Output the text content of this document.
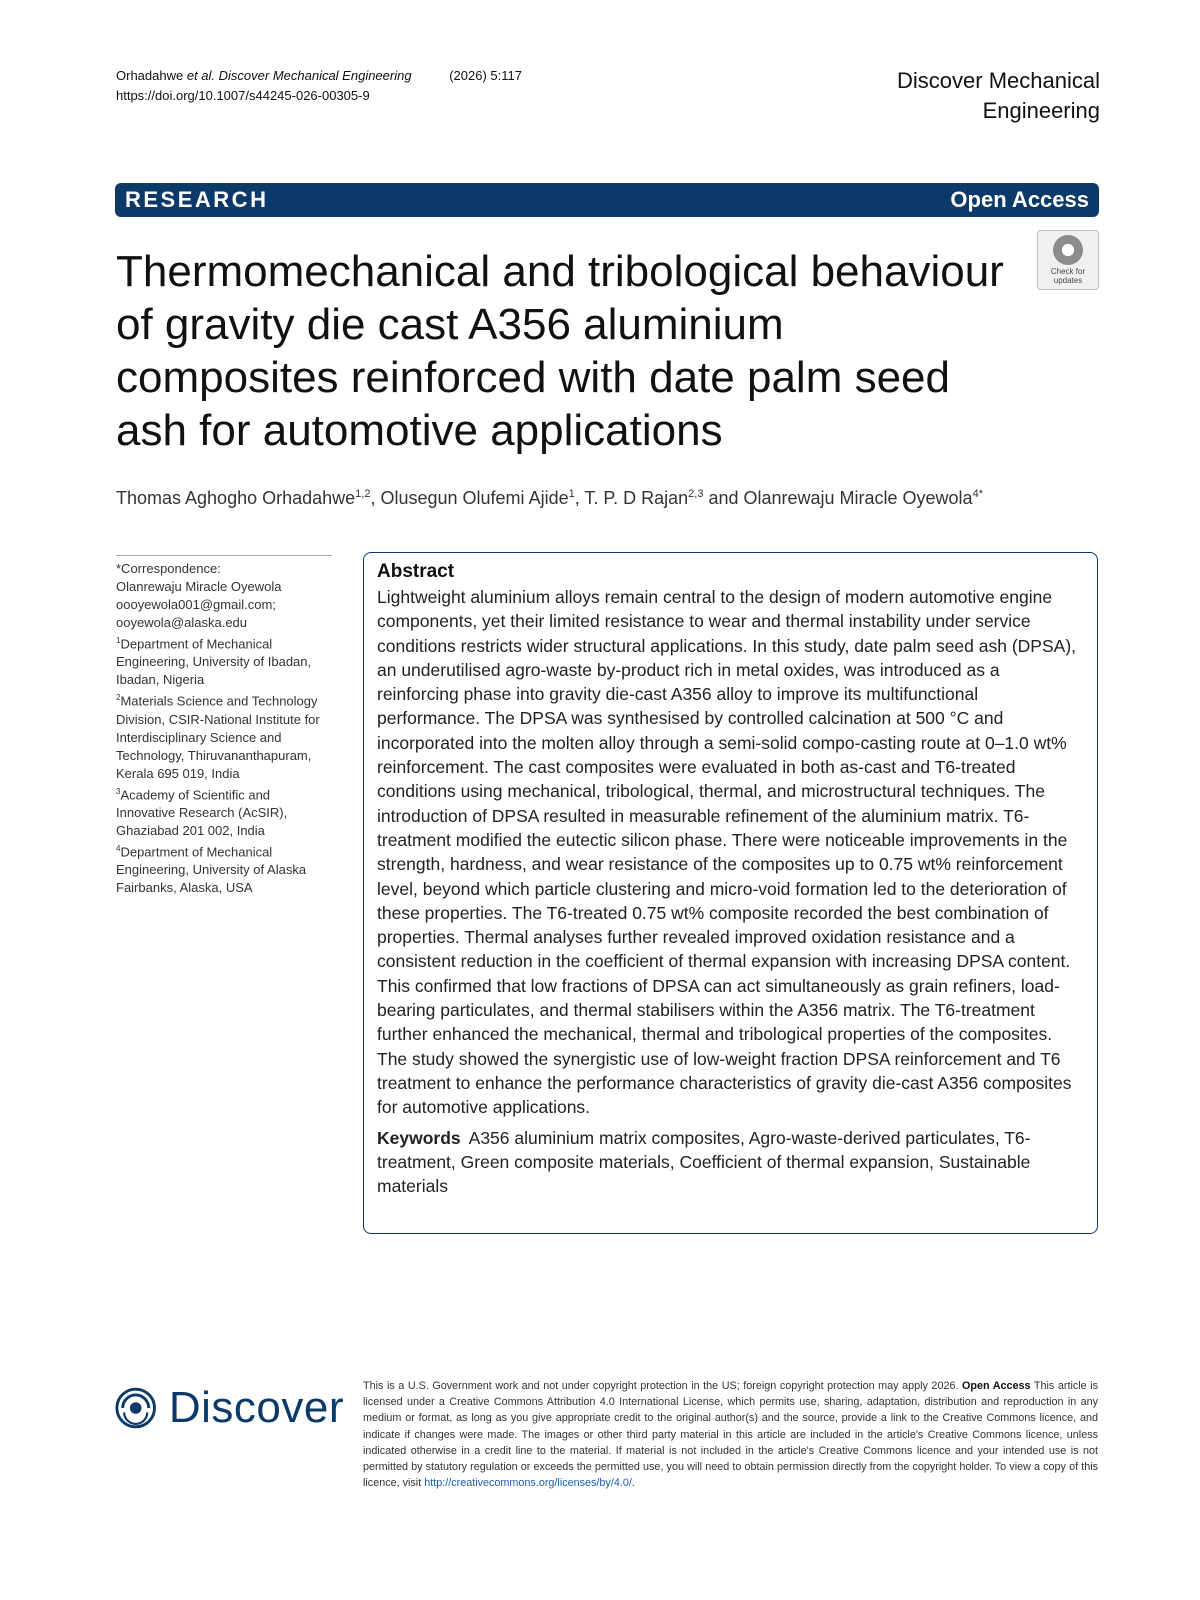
Orhadahwe et al. Discover Mechanical Engineering	(2026) 5:117
https://doi.org/10.1007/s44245-026-00305-9
Discover Mechanical
Engineering
RESEARCH	Open Access
Check for
updates
Thermomechanical and tribological behaviour of gravity die cast A356 aluminium composites reinforced with date palm seed ash for automotive applications
Thomas Aghogho Orhadahwe$^{1,2}$, Olusegun Olufemi Ajide$^1$, T. P. D Rajan$^{2,3}$ and Olanrewaju Miracle Oyewola$^{4*}$

*Correspondence:

Olanrewaju Miracle Oyewola

oooyewola001@gmail.com;

ooyewola@alaska.edu

$^1$Department of Mechanical Engineering, University of Ibadan, Ibadan, Nigeria

$^2$Materials Science and Technology Division, CSIR-National Institute for Interdisciplinary Science and Technology, Thiruvananthapuram, Kerala 695 019, India

$^3$Academy of Scientific and Innovative Research (AcSIR), Ghaziabad 201 002, India

$^4$Department of Mechanical Engineering, University of Alaska Fairbanks, Alaska, USA

Abstract

Lightweight aluminium alloys remain central to the design of modern automotive engine components, yet their limited resistance to wear and thermal instability under service conditions restricts wider structural applications. In this study, date palm seed ash (DPSA), an underutilised agro-waste by-product rich in metal oxides, was introduced as a reinforcing phase into gravity die-cast A356 alloy to improve its multifunctional performance. The DPSA was synthesised by controlled calcination at 500 °C and incorporated into the molten alloy through a semi-solid compo-casting route at 0–1.0 wt% reinforcement. The cast composites were evaluated in both as-cast and T6-treated conditions using mechanical, tribological, thermal, and microstructural techniques. The introduction of DPSA resulted in measurable refinement of the aluminium matrix. T6-treatment modified the eutectic silicon phase. There were noticeable improvements in the strength, hardness, and wear resistance of the composites up to 0.75 wt% reinforcement level, beyond which particle clustering and micro-void formation led to the deterioration of these properties. The T6-treated 0.75 wt% composite recorded the best combination of properties. Thermal analyses further revealed improved oxidation resistance and a consistent reduction in the coefficient of thermal expansion with increasing DPSA content. This confirmed that low fractions of DPSA can act simultaneously as grain refiners, load-bearing particulates, and thermal stabilisers within the A356 matrix. The T6-treatment further enhanced the mechanical, thermal and tribological properties of the composites. The study showed the synergistic use of low-weight fraction DPSA reinforcement and T6 treatment to enhance the performance characteristics of gravity die-cast A356 composites for automotive applications.

Keywords A356 aluminium matrix composites, Agro-waste-derived particulates, T6-treatment, Green composite materials, Coefficient of thermal expansion, Sustainable materials

Discover This is a U.S. Government work and not under copyright protection in the US; foreign copyright protection may apply 2026. Open Access This article is licensed under a Creative Commons Attribution 4.0 International License, which permits use, sharing, adaptation, distribution and reproduction in any medium or format, as long as you give appropriate credit to the original author(s) and the source, provide a link to the Creative Commons licence, and indicate if changes were made. The images or other third party material in this article are included in the article's Creative Commons licence, unless indicated otherwise in a credit line to the material. If material is not included in the article's Creative Commons licence and your intended use is not permitted by statutory regulation or exceeds the permitted use, you will need to obtain permission directly from the copyright holder. To view a copy of this licence, visit http://creativecommons.org/licenses/by/4.0/.
